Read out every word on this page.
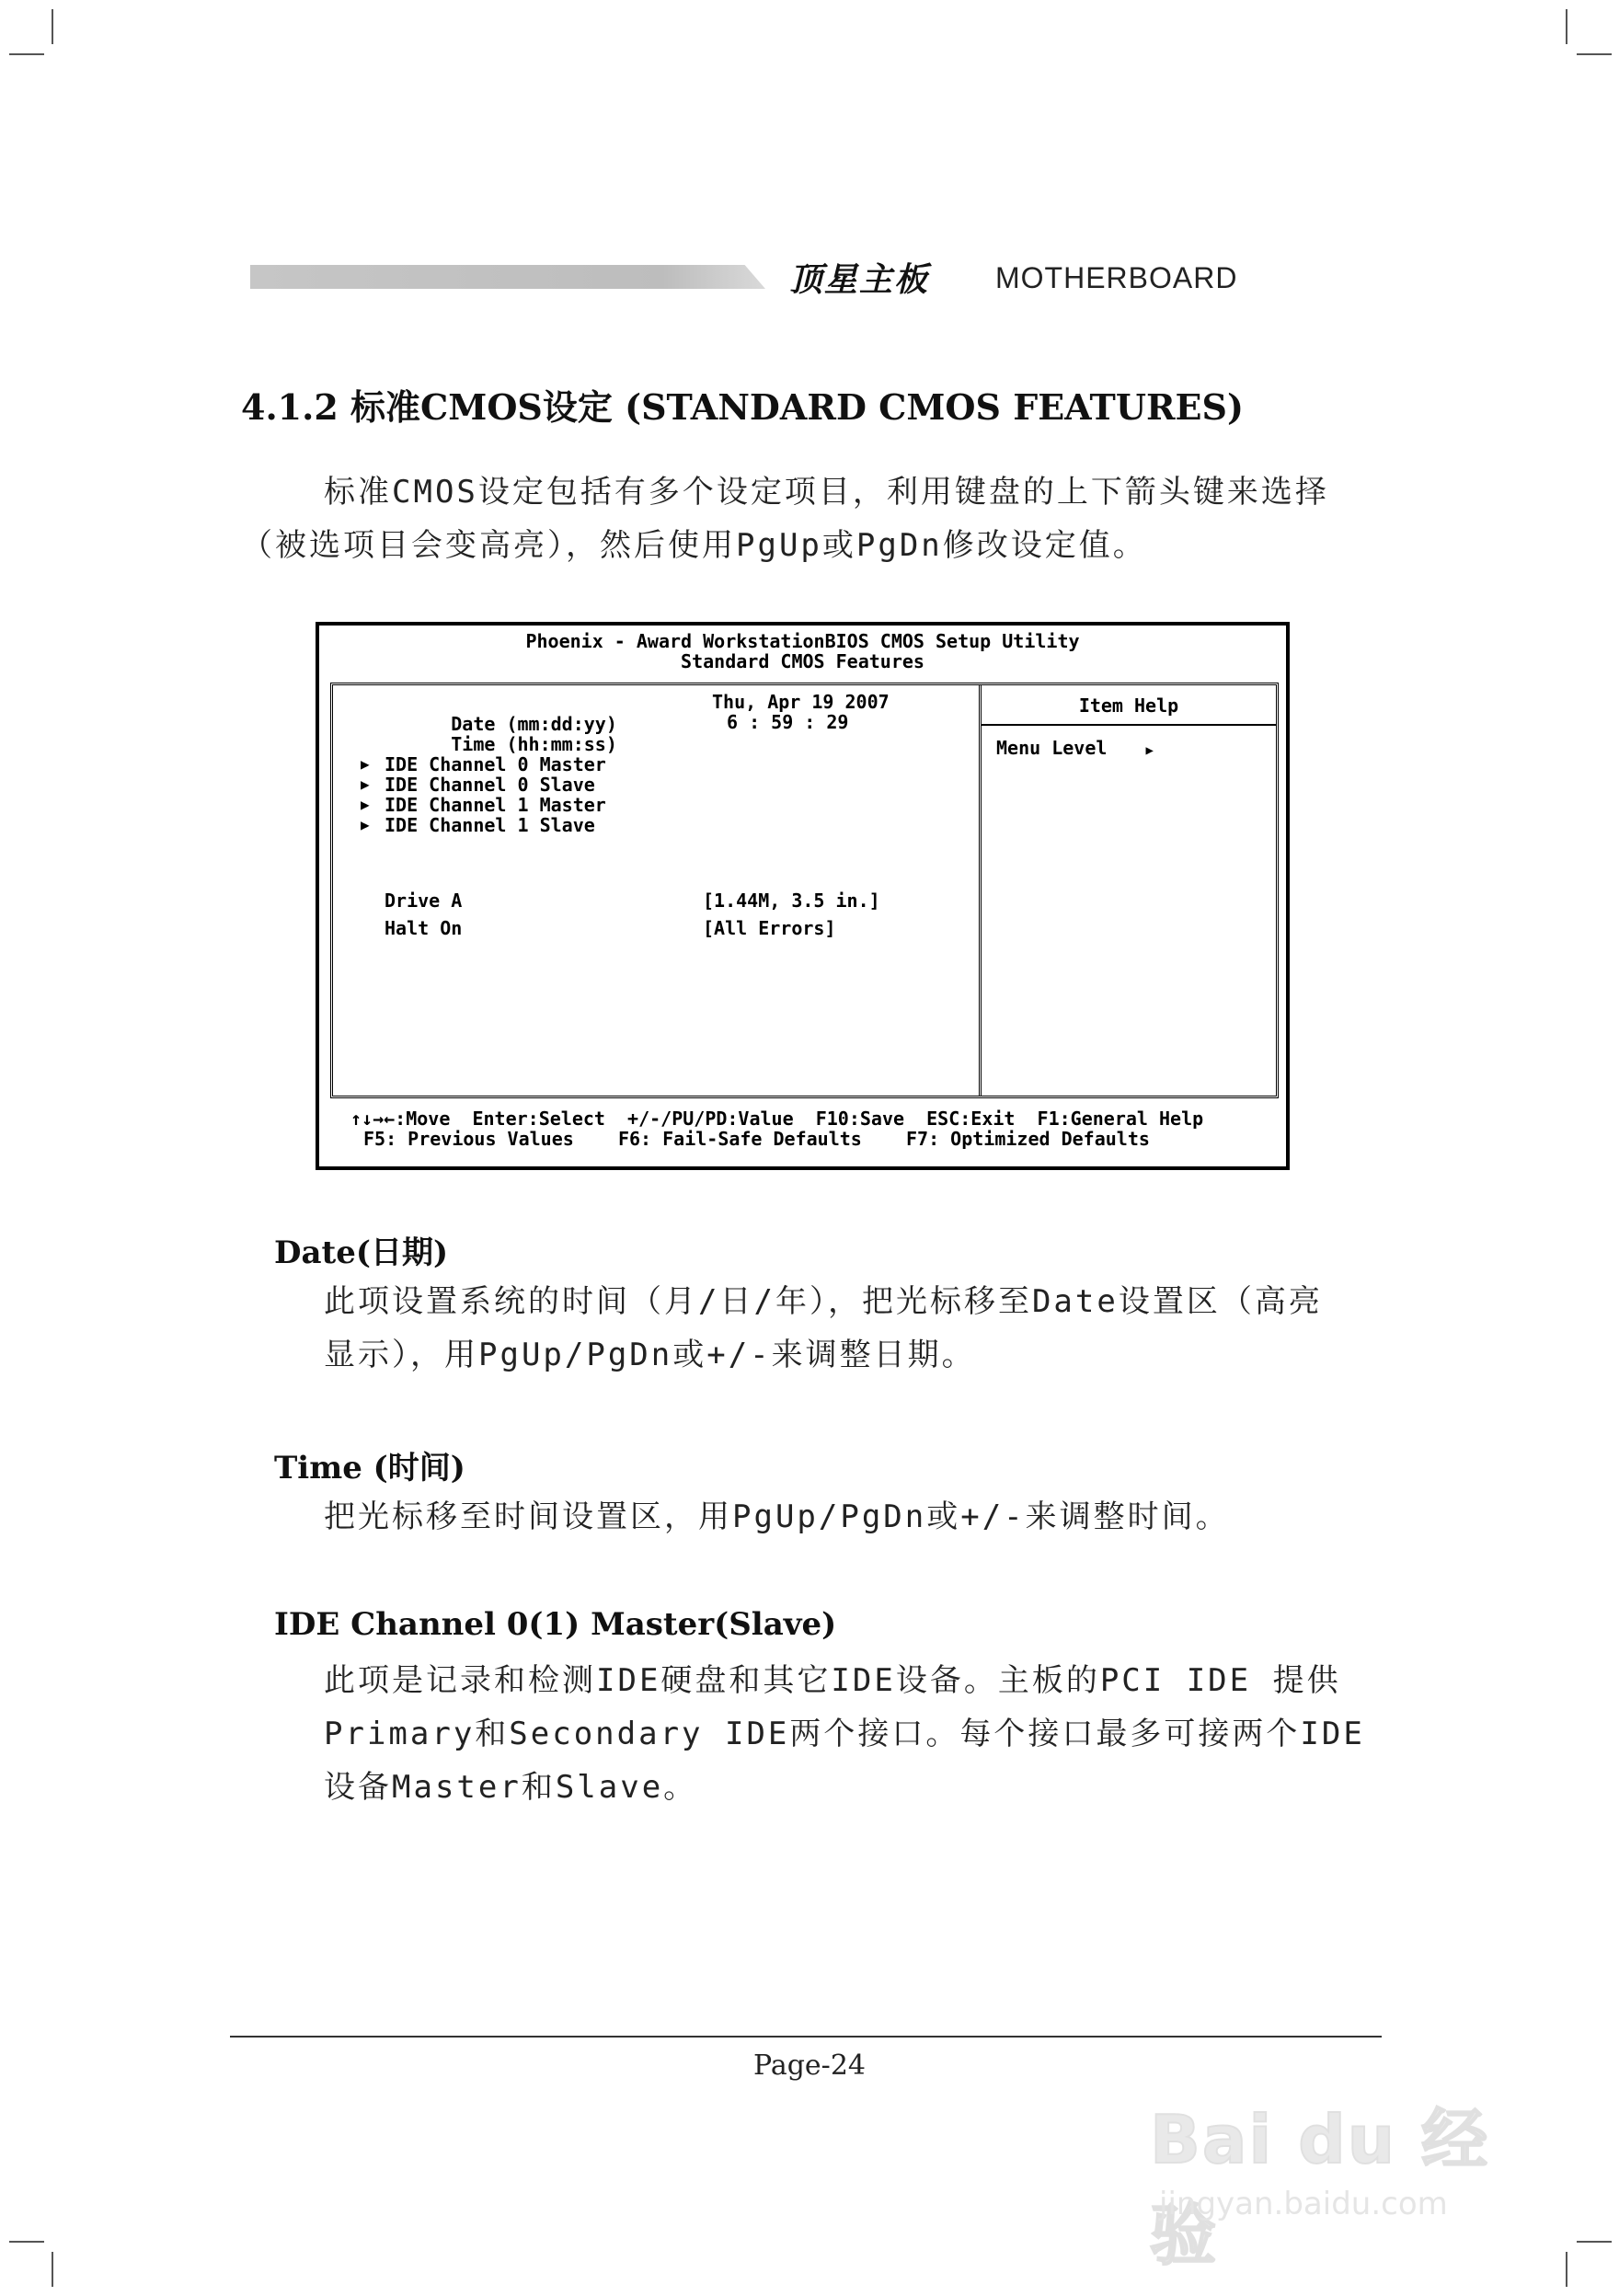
顶星主板 MOTHERBOARD
4.1.2 标准CMOS设定 (STANDARD CMOS FEATURES)
标准CMOS设定包括有多个设定项目，利用键盘的上下箭头键来选择
（被选项目会变高亮），然后使用PgUp或PgDn修改设定值。
Phoenix - Award WorkstationBIOS CMOS Setup Utility
Standard CMOS Features

Date (mm:dd:yy)

Thu, Apr 19 2007

Time (hh:mm:ss)

6 : 59 : 29
▶ IDE Channel 0 Master
▶ IDE Channel 0 Slave
▶ IDE Channel 1 Master
▶ IDE Channel 1 Slave
Drive A	[1.44M, 3.5 in.]
Halt On	[All Errors]
Item Help
Menu Level	▶
↑↓→←:Move  Enter:Select  +/-/PU/PD:Value  F10:Save  ESC:Exit  F1:General Help
F5: Previous Values    F6: Fail-Safe Defaults    F7: Optimized Defaults
Date(日期)
此项设置系统的时间（月/日/年），把光标移至Date设置区（高亮
显示），用PgUp/PgDn或+/-来调整日期。
Time (时间)
把光标移至时间设置区，用PgUp/PgDn或+/-来调整时间。
IDE Channel 0(1) Master(Slave)
此项是记录和检测IDE硬盘和其它IDE设备。主板的PCI IDE 提供
Primary和Secondary IDE两个接口。每个接口最多可接两个IDE
设备Master和Slave。
Page-24
Bai du 经验
jingyan.baidu.com
